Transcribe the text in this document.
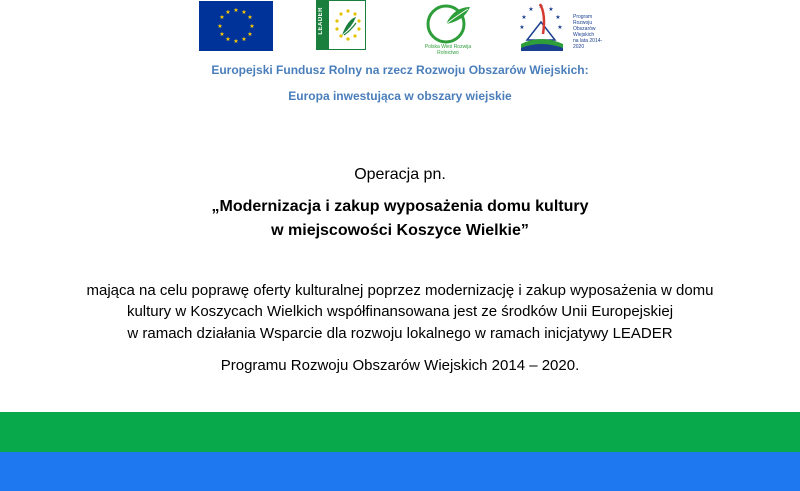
★ ★
★
★
★
★
★
★
★
★
★
★	LEADER
Polska Wieś Rozwija Rolnictwo
★ ★
★
★
★
★
★
Program
Rozwoju
Obszarów
Wiejskich
na lata 2014-2020
Europejski Fundusz Rolny na rzecz Rozwoju Obszarów Wiejskich:
Europa inwestująca w obszary wiejskie
Operacja pn.
„Modernizacja i zakup wyposażenia domu kultury
w miejscowości Koszyce Wielkie”
mająca na celu poprawę oferty kulturalnej poprzez modernizację i zakup wyposażenia w domu
kultury w Koszycach Wielkich współfinansowana jest ze środków Unii Europejskiej
w ramach działania Wsparcie dla rozwoju lokalnego w ramach inicjatywy LEADER
Programu Rozwoju Obszarów Wiejskich 2014 – 2020.
